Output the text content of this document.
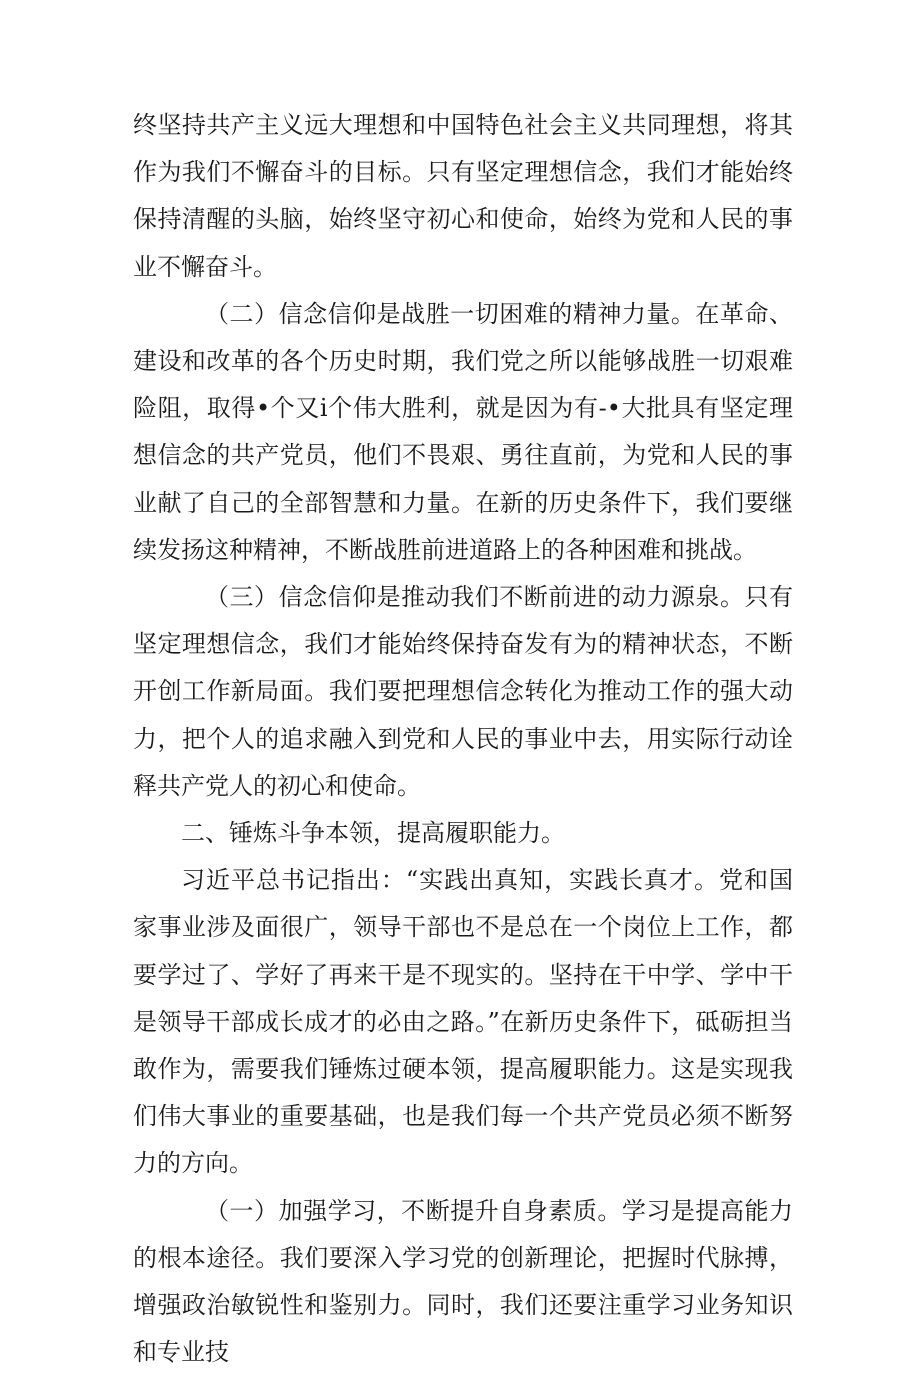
终坚持共产主义远大理想和中国特色社会主义共同理想，将其作为我们不懈奋斗的目标。只有坚定理想信念，我们才能始终保持清醒的头脑，始终坚守初心和使命，始终为党和人民的事业不懈奋斗。

（二）信念信仰是战胜一切困难的精神力量。在革命、建设和改革的各个历史时期，我们党之所以能够战胜一切艰难险阻，取得•个又i个伟大胜利，就是因为有-•大批具有坚定理想信念的共产党员，他们不畏艰、勇往直前，为党和人民的事业献了自己的全部智慧和力量。在新的历史条件下，我们要继续发扬这种精神，不断战胜前进道路上的各种困难和挑战。

（三）信念信仰是推动我们不断前进的动力源泉。只有坚定理想信念，我们才能始终保持奋发有为的精神状态，不断开创工作新局面。我们要把理想信念转化为推动工作的强大动力，把个人的追求融入到党和人民的事业中去，用实际行动诠释共产党人的初心和使命。

二、锤炼斗争本领，提高履职能力。

习近平总书记指出：“实践出真知，实践长真才。党和国家事业涉及面很广，领导干部也不是总在一个岗位上工作，都要学过了、学好了再来干是不现实的。坚持在干中学、学中干是领导干部成长成才的必由之路。”在新历史条件下，砥砺担当敢作为，需要我们锤炼过硬本领，提高履职能力。这是实现我们伟大事业的重要基础，也是我们每一个共产党员必须不断努力的方向。

（一）加强学习，不断提升自身素质。学习是提高能力的根本途径。我们要深入学习党的创新理论，把握时代脉搏，增强政治敏锐性和鉴别力。同时，我们还要注重学习业务知识和专业技
